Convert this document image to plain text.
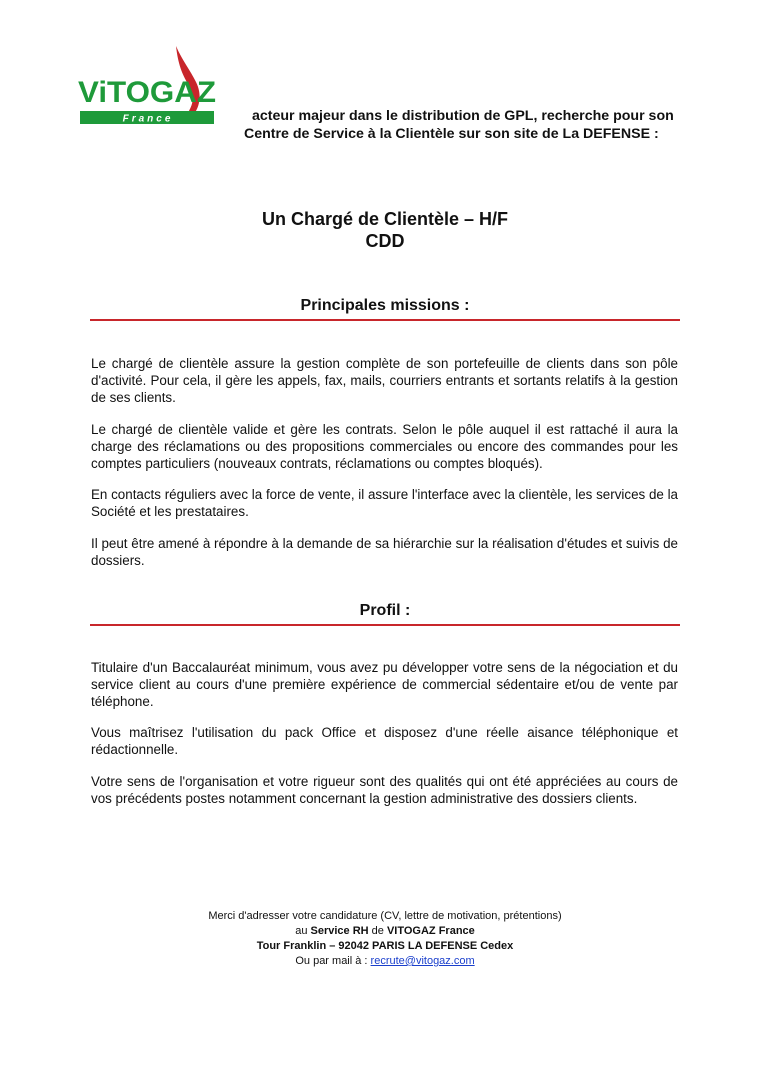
ViTOGAZ
France	acteur majeur dans le distribution de GPL, recherche pour son
Centre de Service à la Clientèle sur son site de La DEFENSE :
Un Chargé de Clientèle – H/F
CDD
Principales missions :
Le chargé de clientèle assure la gestion complète de son portefeuille de clients dans son pôle d'activité. Pour cela, il gère les appels, fax, mails, courriers entrants et sortants relatifs à la gestion de ses clients.
Le chargé de clientèle valide et gère les contrats. Selon le pôle auquel il est rattaché il aura la charge des réclamations ou des propositions commerciales ou encore des commandes pour les comptes particuliers (nouveaux contrats, réclamations ou comptes bloqués).
En contacts réguliers avec la force de vente, il assure l'interface avec la clientèle, les services de la Société et les prestataires.
Il peut être amené à répondre à la demande de sa hiérarchie sur la réalisation d'études et suivis de dossiers.
Profil :
Titulaire d'un Baccalauréat minimum, vous avez pu développer votre sens de la négociation et du service client au cours d'une première expérience de commercial sédentaire et/ou de vente par téléphone.
Vous maîtrisez l'utilisation du pack Office et disposez d'une réelle aisance téléphonique et rédactionnelle.
Votre sens de l'organisation et votre rigueur sont des qualités qui ont été appréciées au cours de vos précédents postes notamment concernant la gestion administrative des dossiers clients.
Merci d'adresser votre candidature (CV, lettre de motivation, prétentions)
au Service RH de VITOGAZ France
Tour Franklin – 92042 PARIS LA DEFENSE Cedex
Ou par mail à : recrute@vitogaz.com
